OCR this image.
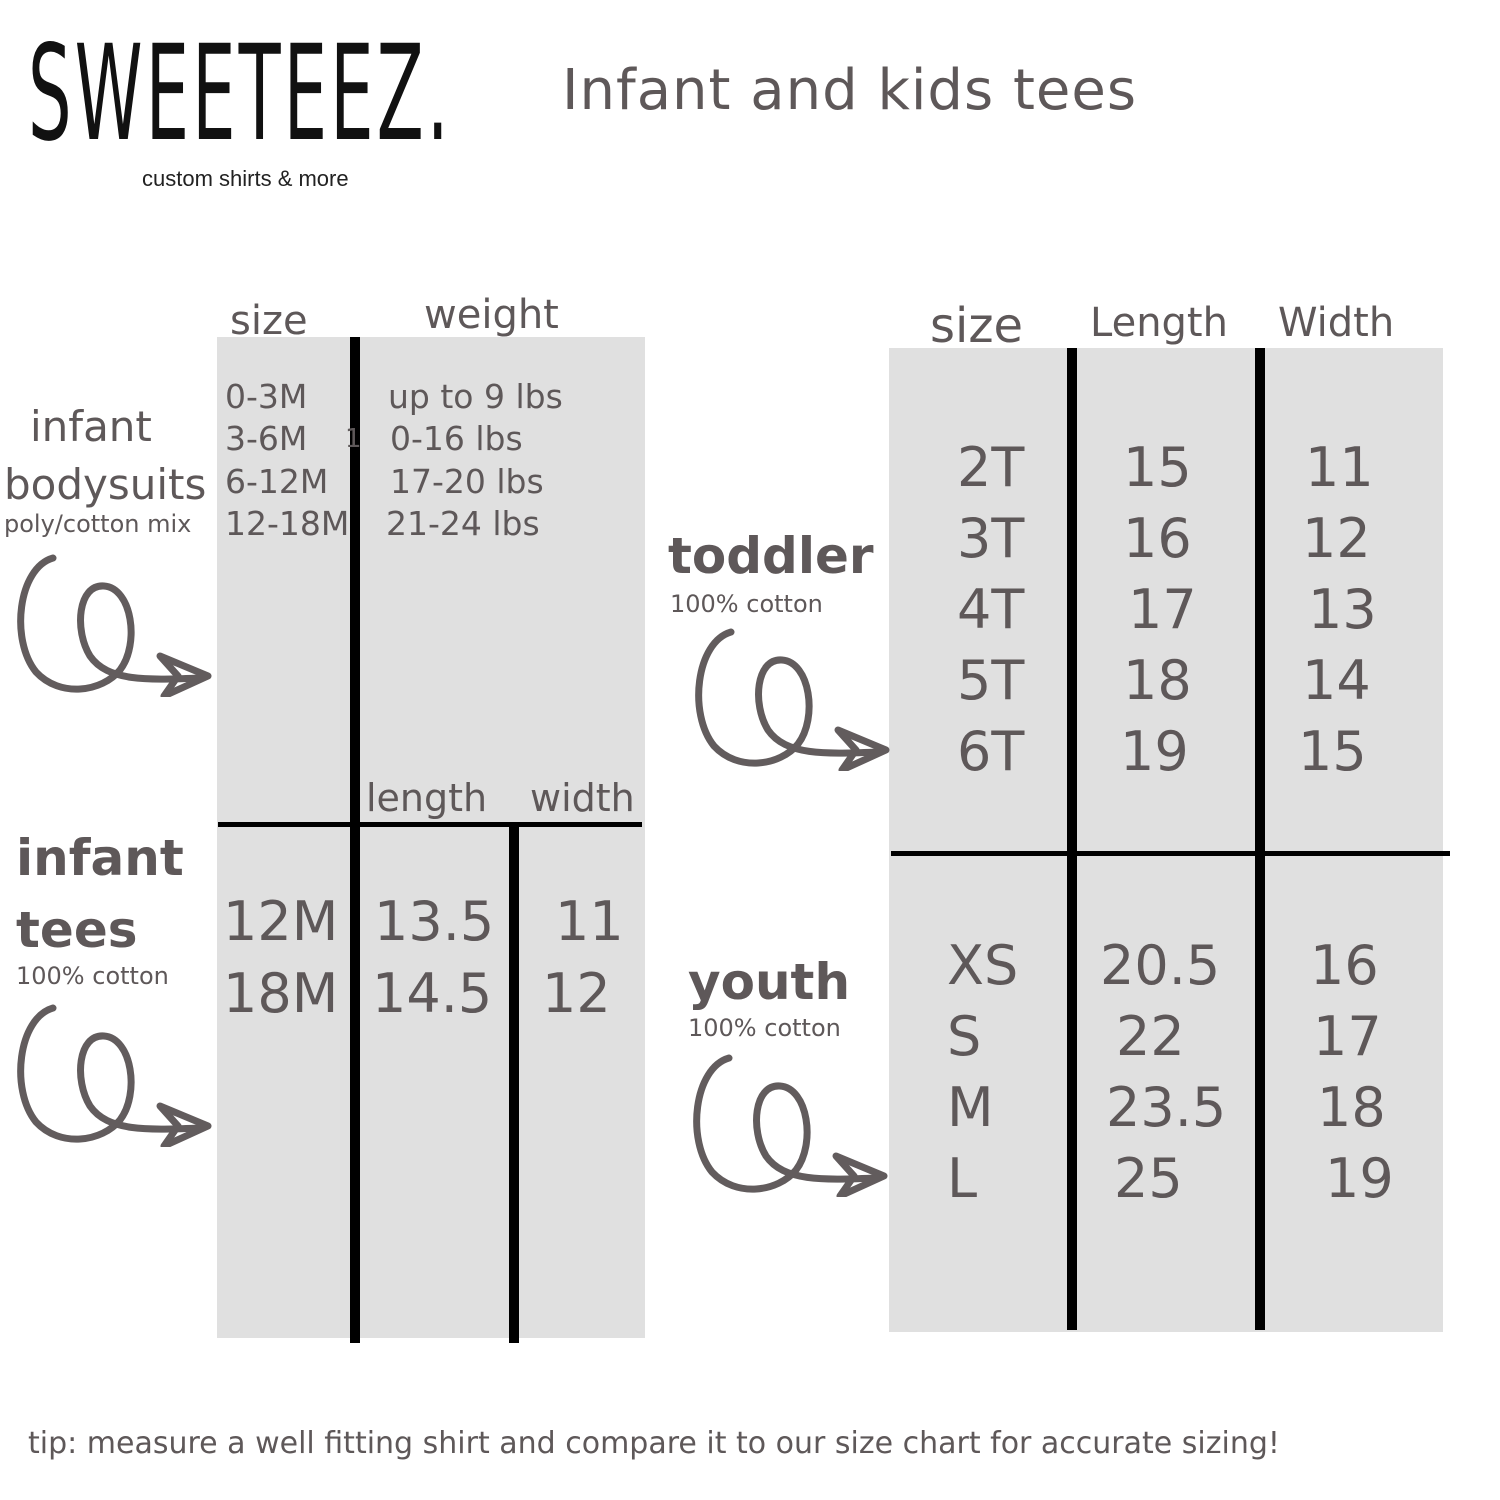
SWEETEEZ.
custom shirts & more
Infant and kids tees
size	weight
0-3M
3-6M
6-12M
12-18M
up to 9 lbs
0-16 lbs
17-20 lbs
21-24 lbs
1
infant
bodysuits
poly/cotton mix
length width
12M
18M
13.5
14.5
11
12
infant
tees
100% cotton
size Length Width
2T
3T
4T
5T
6T
15
16
17
18
19
11
12
13
14
15
toddler
100% cotton
XS
S
M
L
20.5
22
23.5
25
16
17
18
19
youth
100% cotton
tip: measure a well fitting shirt and compare it to our size chart for accurate sizing!
